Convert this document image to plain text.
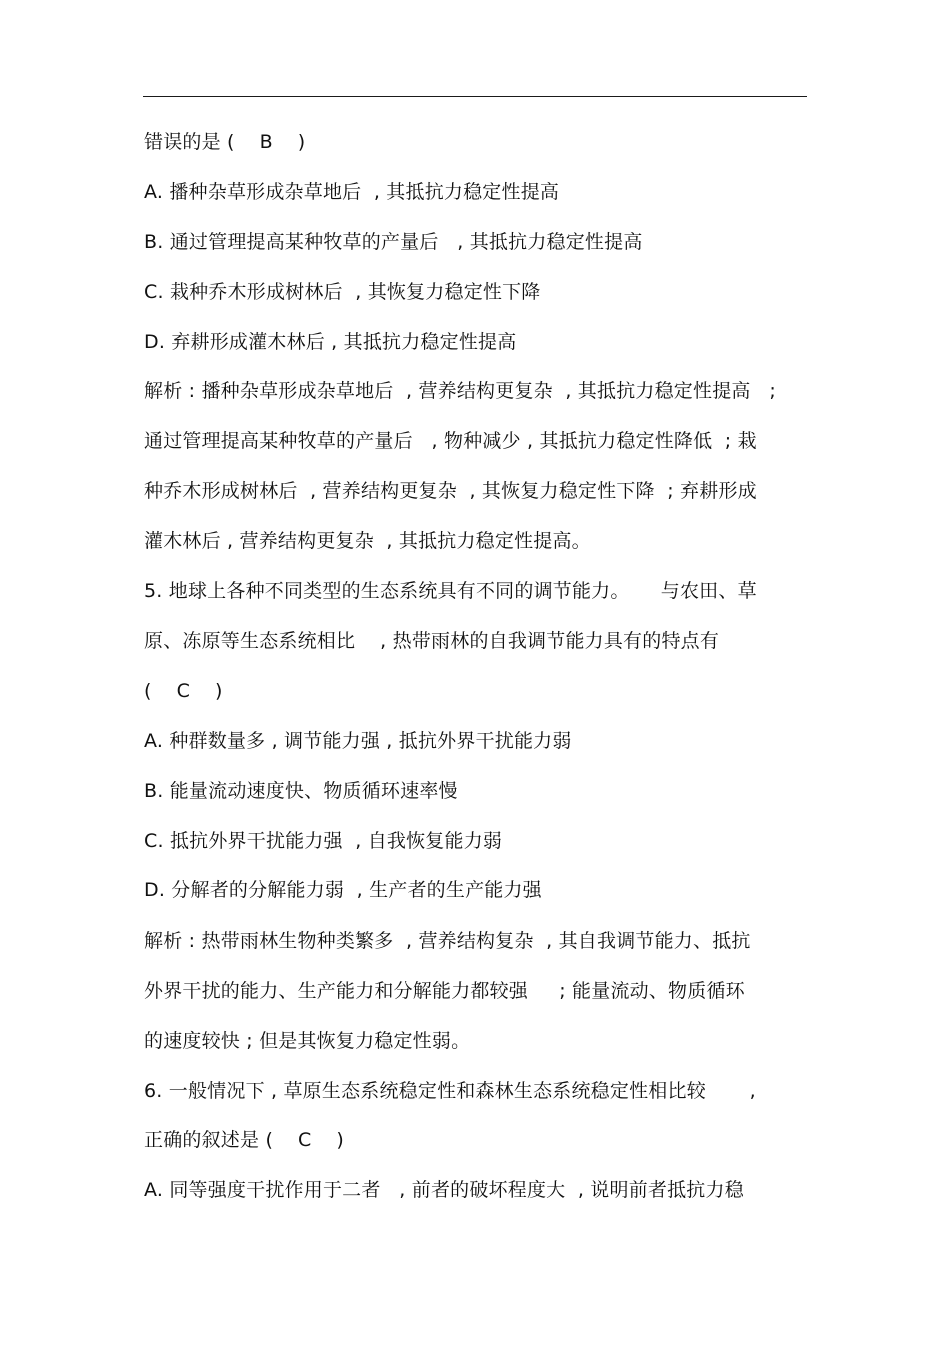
错误的是 (    B    )
A. 播种杂草形成杂草地后  , 其抵抗力稳定性提高
B. 通过管理提高某种牧草的产量后   , 其抵抗力稳定性提高
C. 栽种乔木形成树林后  , 其恢复力稳定性下降
D. 弃耕形成灌木林后 , 其抵抗力稳定性提高
解析 : 播种杂草形成杂草地后  , 营养结构更复杂  , 其抵抗力稳定性提高   ;
通过管理提高某种牧草的产量后   , 物种减少 , 其抵抗力稳定性降低  ; 栽
种乔木形成树林后  , 营养结构更复杂  , 其恢复力稳定性下降  ; 弃耕形成
灌木林后 , 营养结构更复杂  , 其抵抗力稳定性提高。
5. 地球上各种不同类型的生态系统具有不同的调节能力。     与农田、草
原、冻原等生态系统相比    , 热带雨林的自我调节能力具有的特点有
(    C    )
A. 种群数量多 , 调节能力强 , 抵抗外界干扰能力弱
B. 能量流动速度快、物质循环速率慢
C. 抵抗外界干扰能力强  , 自我恢复能力弱
D. 分解者的分解能力弱  , 生产者的生产能力强
解析 : 热带雨林生物种类繁多  , 营养结构复杂  , 其自我调节能力、抵抗
外界干扰的能力、生产能力和分解能力都较强     ; 能量流动、物质循环
的速度较快 ; 但是其恢复力稳定性弱。
6. 一般情况下 , 草原生态系统稳定性和森林生态系统稳定性相比较       ,
正确的叙述是 (    C    )
A. 同等强度干扰作用于二者   , 前者的破坏程度大  , 说明前者抵抗力稳
